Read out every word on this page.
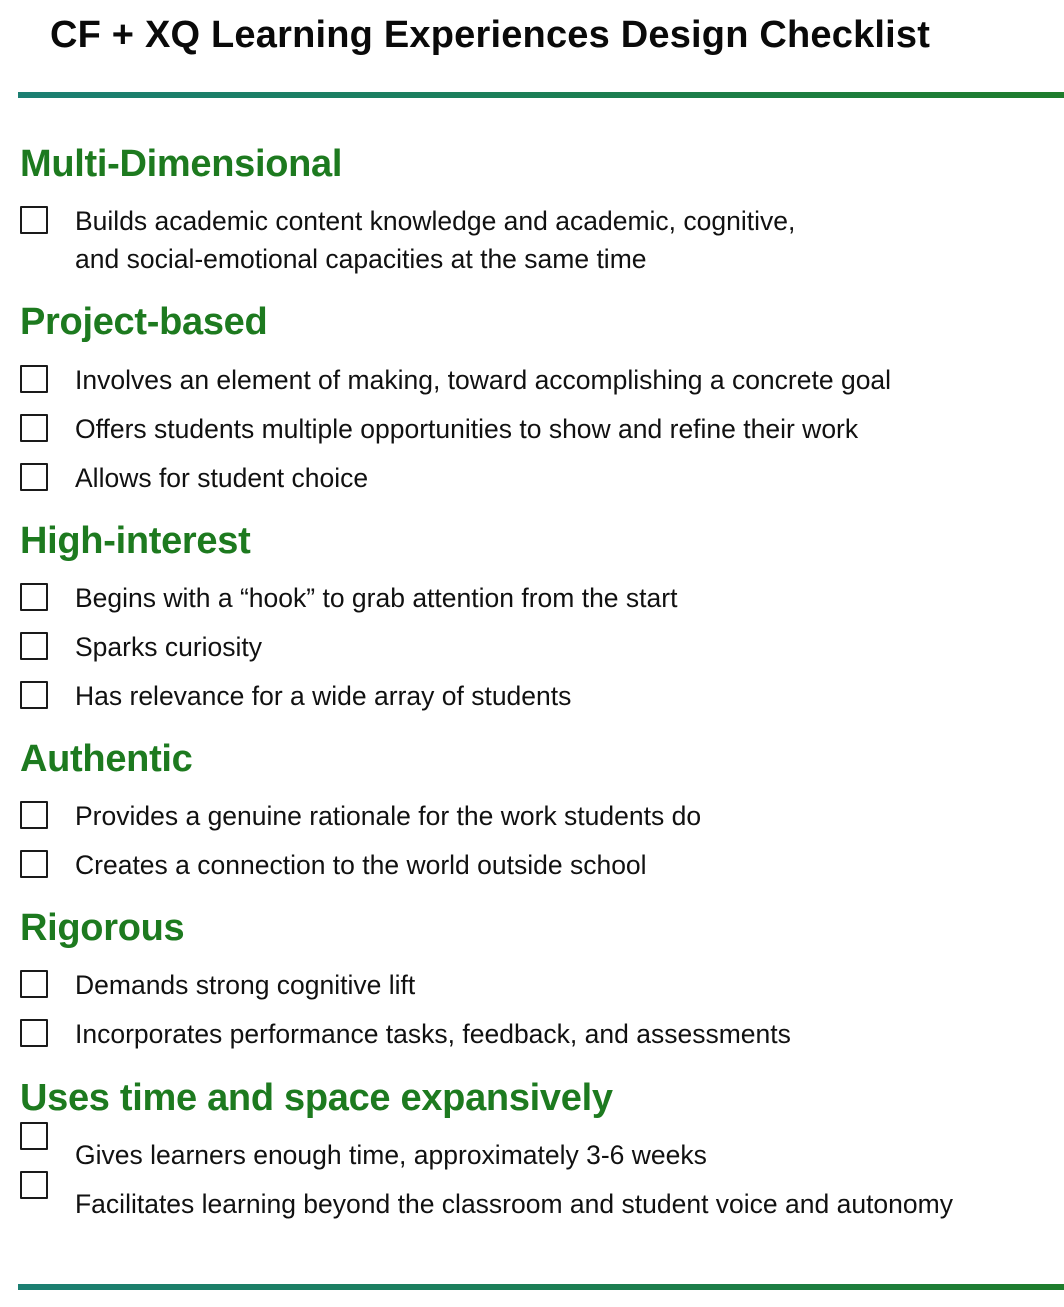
CF + XQ Learning Experiences Design Checklist
Multi-Dimensional
Builds academic content knowledge and academic, cognitive,
and social-emotional capacities at the same time
Project-based
Involves an element of making, toward accomplishing a concrete goal
Offers students multiple opportunities to show and refine their work
Allows for student choice
High-interest
Begins with a “hook” to grab attention from the start
Sparks curiosity
Has relevance for a wide array of students
Authentic
Provides a genuine rationale for the work students do
Creates a connection to the world outside school
Rigorous
Demands strong cognitive lift
Incorporates performance tasks, feedback, and assessments
Uses time and space expansively
Gives learners enough time, approximately 3-6 weeks
Facilitates learning beyond the classroom and student voice and autonomy
